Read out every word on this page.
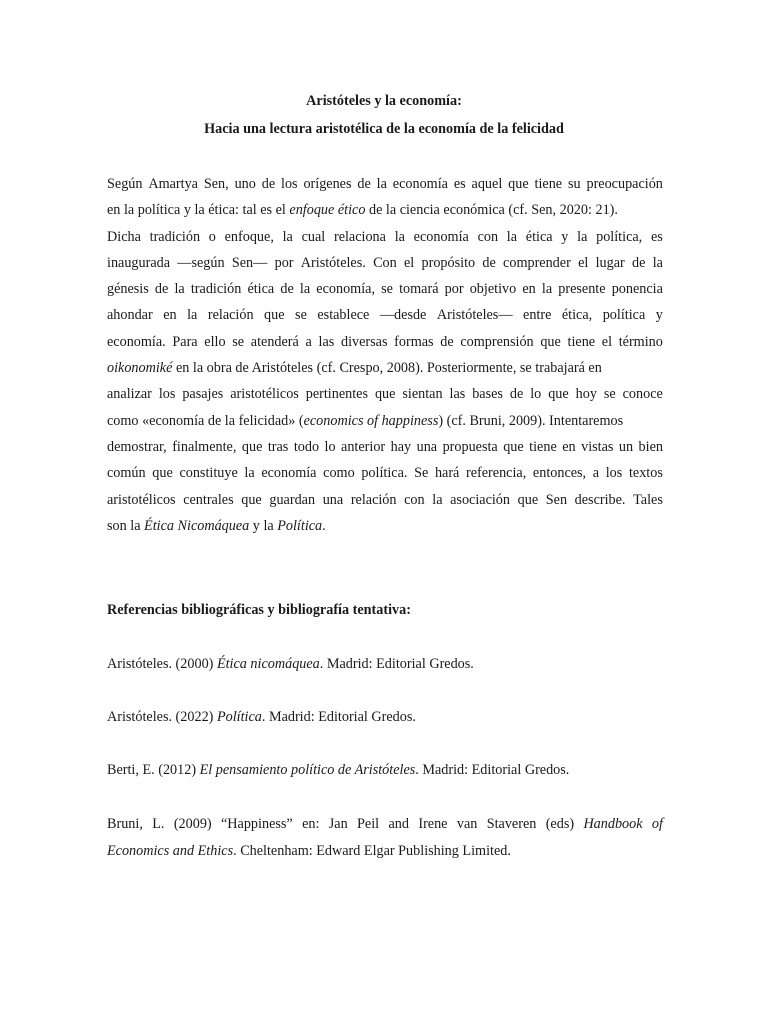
Aristóteles y la economía:
Hacia una lectura aristotélica de la economía de la felicidad
Según Amartya Sen, uno de los orígenes de la economía es aquel que tiene su preocupación
en la política y la ética: tal es el enfoque ético de la ciencia económica (cf. Sen, 2020: 21).
Dicha tradición o enfoque, la cual relaciona la economía con la ética y la política, es
inaugurada —según Sen— por Aristóteles. Con el propósito de comprender el lugar de la
génesis de la tradición ética de la economía, se tomará por objetivo en la presente ponencia
ahondar en la relación que se establece —desde Aristóteles— entre ética, política y
economía. Para ello se atenderá a las diversas formas de comprensión que tiene el término
oikonomiké en la obra de Aristóteles (cf. Crespo, 2008). Posteriormente, se trabajará en
analizar los pasajes aristotélicos pertinentes que sientan las bases de lo que hoy se conoce
como «economía de la felicidad» (economics of happiness) (cf. Bruni, 2009). Intentaremos
demostrar, finalmente, que tras todo lo anterior hay una propuesta que tiene en vistas un bien
común que constituye la economía como política. Se hará referencia, entonces, a los textos
aristotélicos centrales que guardan una relación con la asociación que Sen describe. Tales
son la Ética Nicomáquea y la Política.
Referencias bibliográficas y bibliografía tentativa:
Aristóteles. (2000) Ética nicomáquea. Madrid: Editorial Gredos.
Aristóteles. (2022) Política. Madrid: Editorial Gredos.
Berti, E. (2012) El pensamiento político de Aristóteles. Madrid: Editorial Gredos.
Bruni, L. (2009) “Happiness” en: Jan Peil and Irene van Staveren (eds) Handbook of
Economics and Ethics. Cheltenham: Edward Elgar Publishing Limited.
